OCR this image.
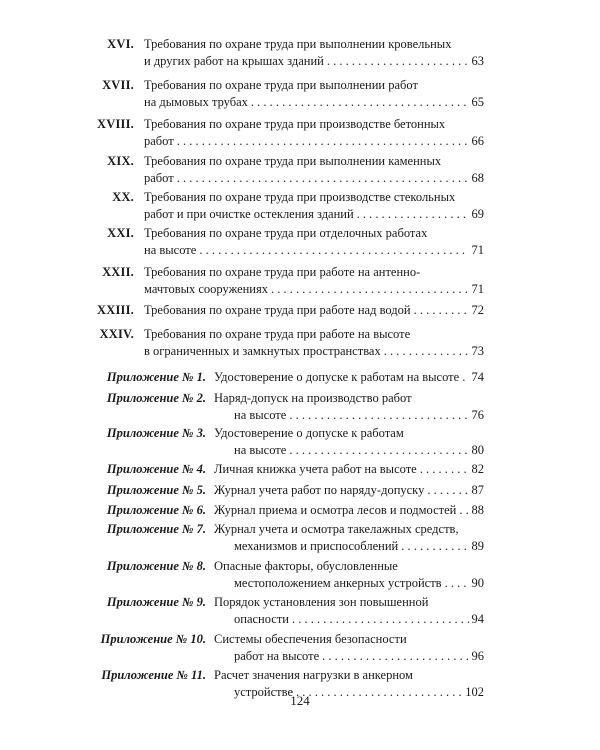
XVI. Требования по охране труда при выполнении кровельных
и других работ на крышах зданий . . .	63
XVII. Требования по охране труда при выполнении работ
на дымовых трубах . . .	65
XVIII. Требования по охране труда при производстве бетонных
работ . . .	66
XIX. Требования по охране труда при выполнении каменных
работ . . .	68
XX. Требования по охране труда при производстве стекольных
работ и при очистке остекления зданий . . .	69
XXI. Требования по охране труда при отделочных работах
на высоте . . .	71
XXII. Требования по охране труда при работе на антенно-
мачтовых сооружениях . . .	71
XXIII. Требования по охране труда при работе над водой . . .	72
XXIV. Требования по охране труда при работе на высоте
в ограниченных и замкнутых пространствах . . .	73
Приложение № 1. Удостоверение о допуске к работам на высоте . . . 74
Приложение № 2. Наряд-допуск на производство работ
на высоте . . .	76
Приложение № 3. Удостоверение о допуске к работам
на высоте . . .	80
Приложение № 4. Личная книжка учета работ на высоте . . .	82
Приложение № 5. Журнал учета работ по наряду-допуску . . .	87
Приложение № 6. Журнал приема и осмотра лесов и подмостей . . . 88
Приложение № 7. Журнал учета и осмотра такелажных средств,
механизмов и приспособлений . . .	89
Приложение № 8. Опасные факторы, обусловленные
местоположением анкерных устройств . . . 90
Приложение № 9. Порядок установления зон повышенной
опасности . . .	94
Приложение № 10. Системы обеспечения безопасности
работ на высоте . . .	96
Приложение № 11. Расчет значения нагрузки в анкерном
устройстве . . .	102
124
